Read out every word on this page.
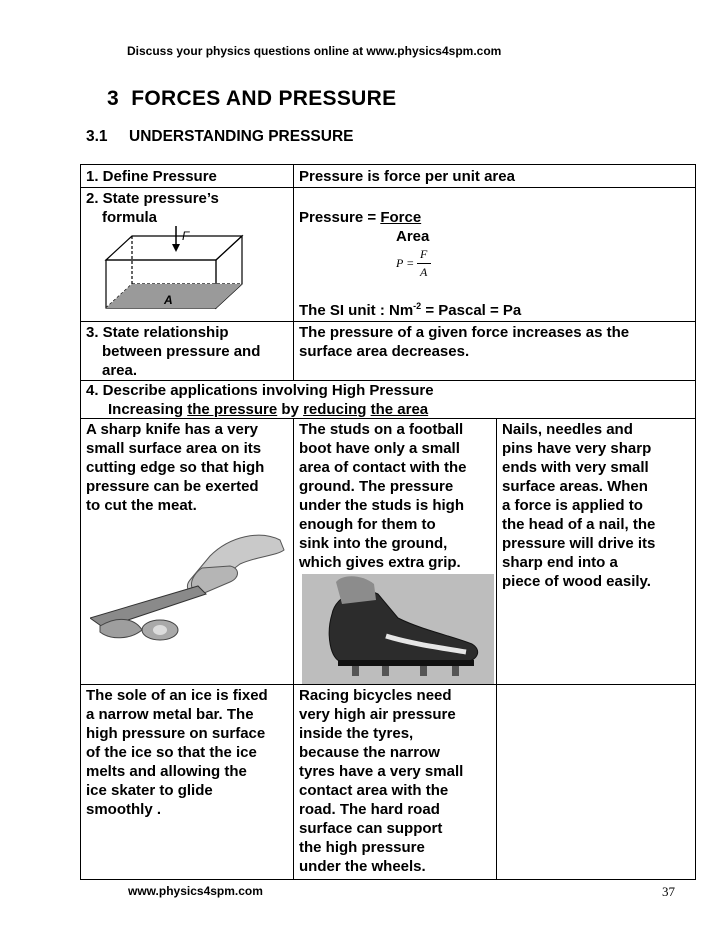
Discuss your physics questions online at www.physics4spm.com
3 FORCES AND PRESSURE
3.1 UNDERSTANDING PRESSURE
1. Define Pressure	Pressure is force per unit area
2. State pressure’s
formula
F
A
Pressure = Force
Area
P =
F
A
The SI unit : $Nm^{-2}$ = Pascal = Pa
3. State relationship
between pressure and
area.
The pressure of a given force increases as the
surface area decreases.
4. Describe applications involving High Pressure
Increasing the pressure by reducing the area
A sharp knife has a very
small surface area on its
cutting edge so that high
pressure can be exerted
to cut the meat.
The studs on a football
boot have only a small
area of contact with the
ground. The pressure
under the studs is high
enough for them to
sink into the ground,
which gives extra grip.
Nails, needles and
pins have very sharp
ends with very small
surface areas. When
a force is applied to
the head of a nail, the
pressure will drive its
sharp end into a
piece of wood easily.
The sole of an ice is fixed
a narrow metal bar. The
high pressure on surface
of the ice so that the ice
melts and allowing the
ice skater to glide
smoothly .
Racing bicycles need
very high air pressure
inside the tyres,
because the narrow
tyres have a very small
contact area with the
road. The hard road
surface can support
the high pressure
under the wheels.
www.physics4spm.com	37
